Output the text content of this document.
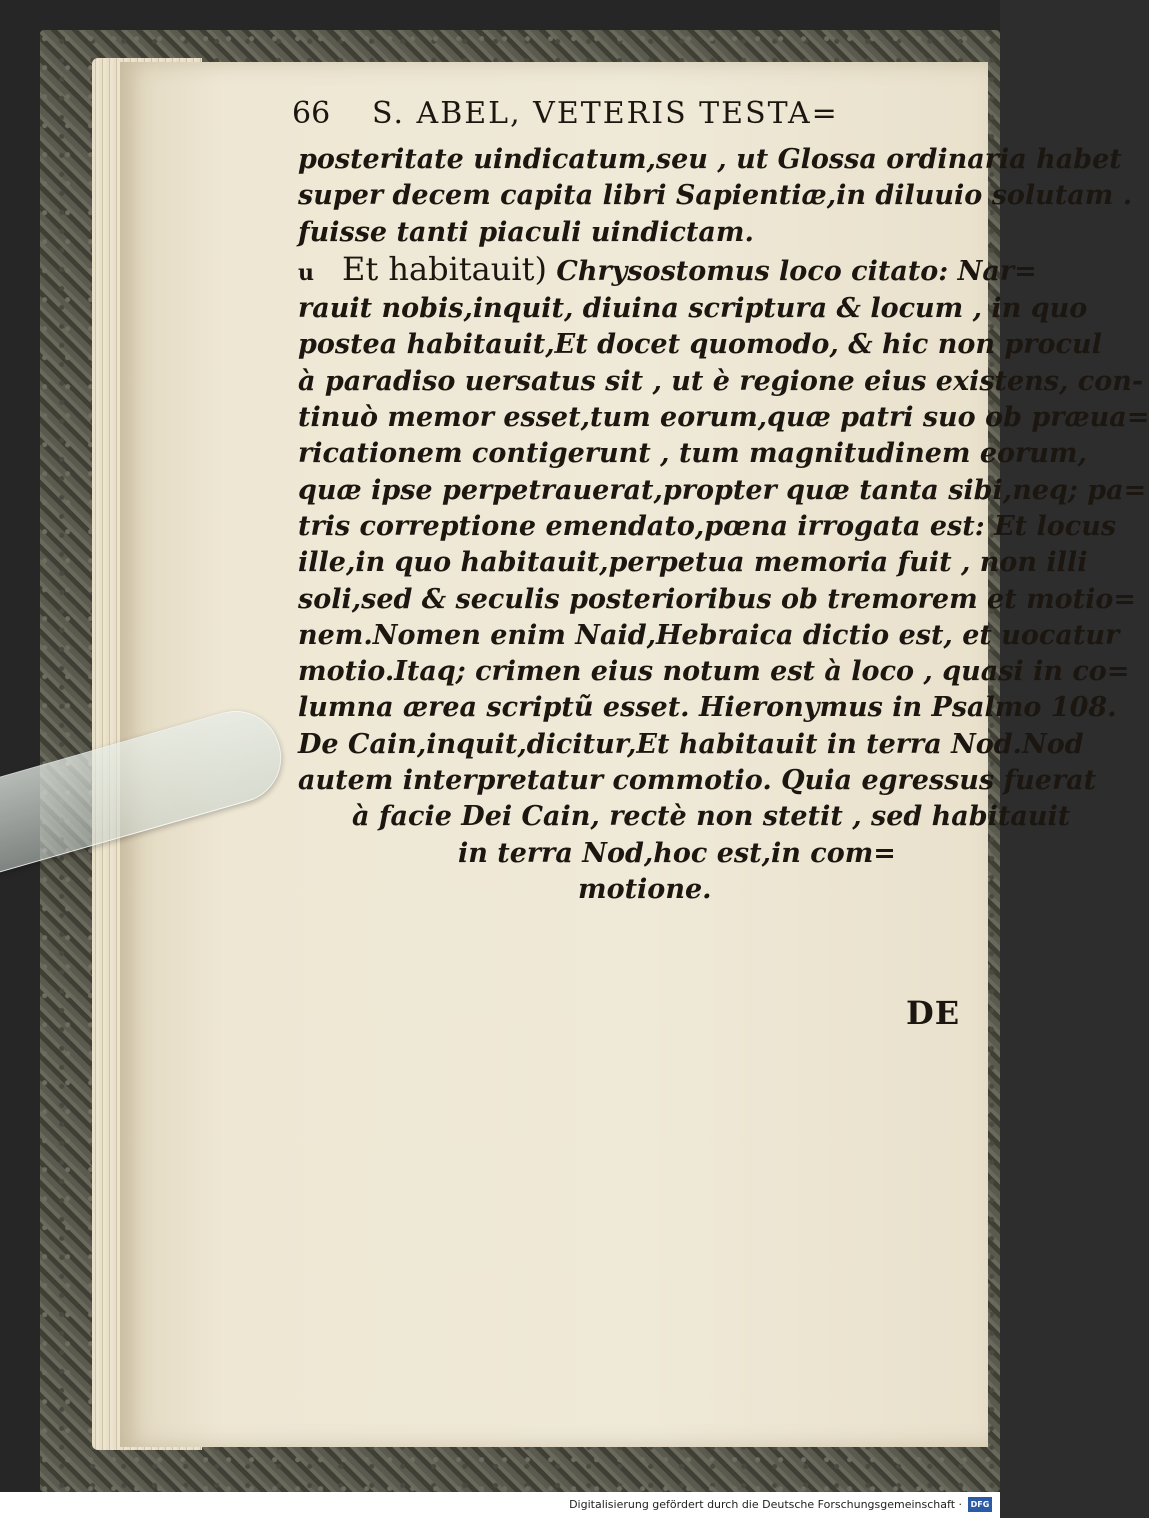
66 S. ABEL, VETERIS TESTA=
posteritate uindicatum,seu , ut Glossa ordinaria habet
super decem capita libri Sapientiæ,in diluuio solutam .
fuisse tanti piaculi uindictam.
u Et habitauit) Chrysostomus loco citato: Nar=
rauit nobis,inquit, diuina scriptura & locum , in quo
postea habitauit,Et docet quomodo, & hic non procul
à paradiso uersatus sit , ut è regione eius existens, con-
tinuò memor esset,tum eorum,quæ patri suo ob præua=
ricationem contigerunt , tum magnitudinem eorum,
quæ ipse perpetrauerat,propter quæ tanta sibi,neq; pa=
tris correptione emendato,pœna irrogata est: Et locus
ille,in quo habitauit,perpetua memoria fuit , non illi
soli,sed & seculis posterioribus ob tremorem et motio=
nem.Nomen enim Naid,Hebraica dictio est, et uocatur
motio.Itaq; crimen eius notum est à loco , quasi in co=
lumna ærea scriptũ esset. Hieronymus in Psalmo 108.
De Cain,inquit,dicitur,Et habitauit in terra Nod.Nod
autem interpretatur commotio. Quia egressus fuerat
à facie Dei Cain, rectè non stetit , sed habitauit
in terra Nod,hoc est,in com=
motione.
DE
Digitalisierung gefördert durch die Deutsche Forschungsgemeinschaft ·	DFG
